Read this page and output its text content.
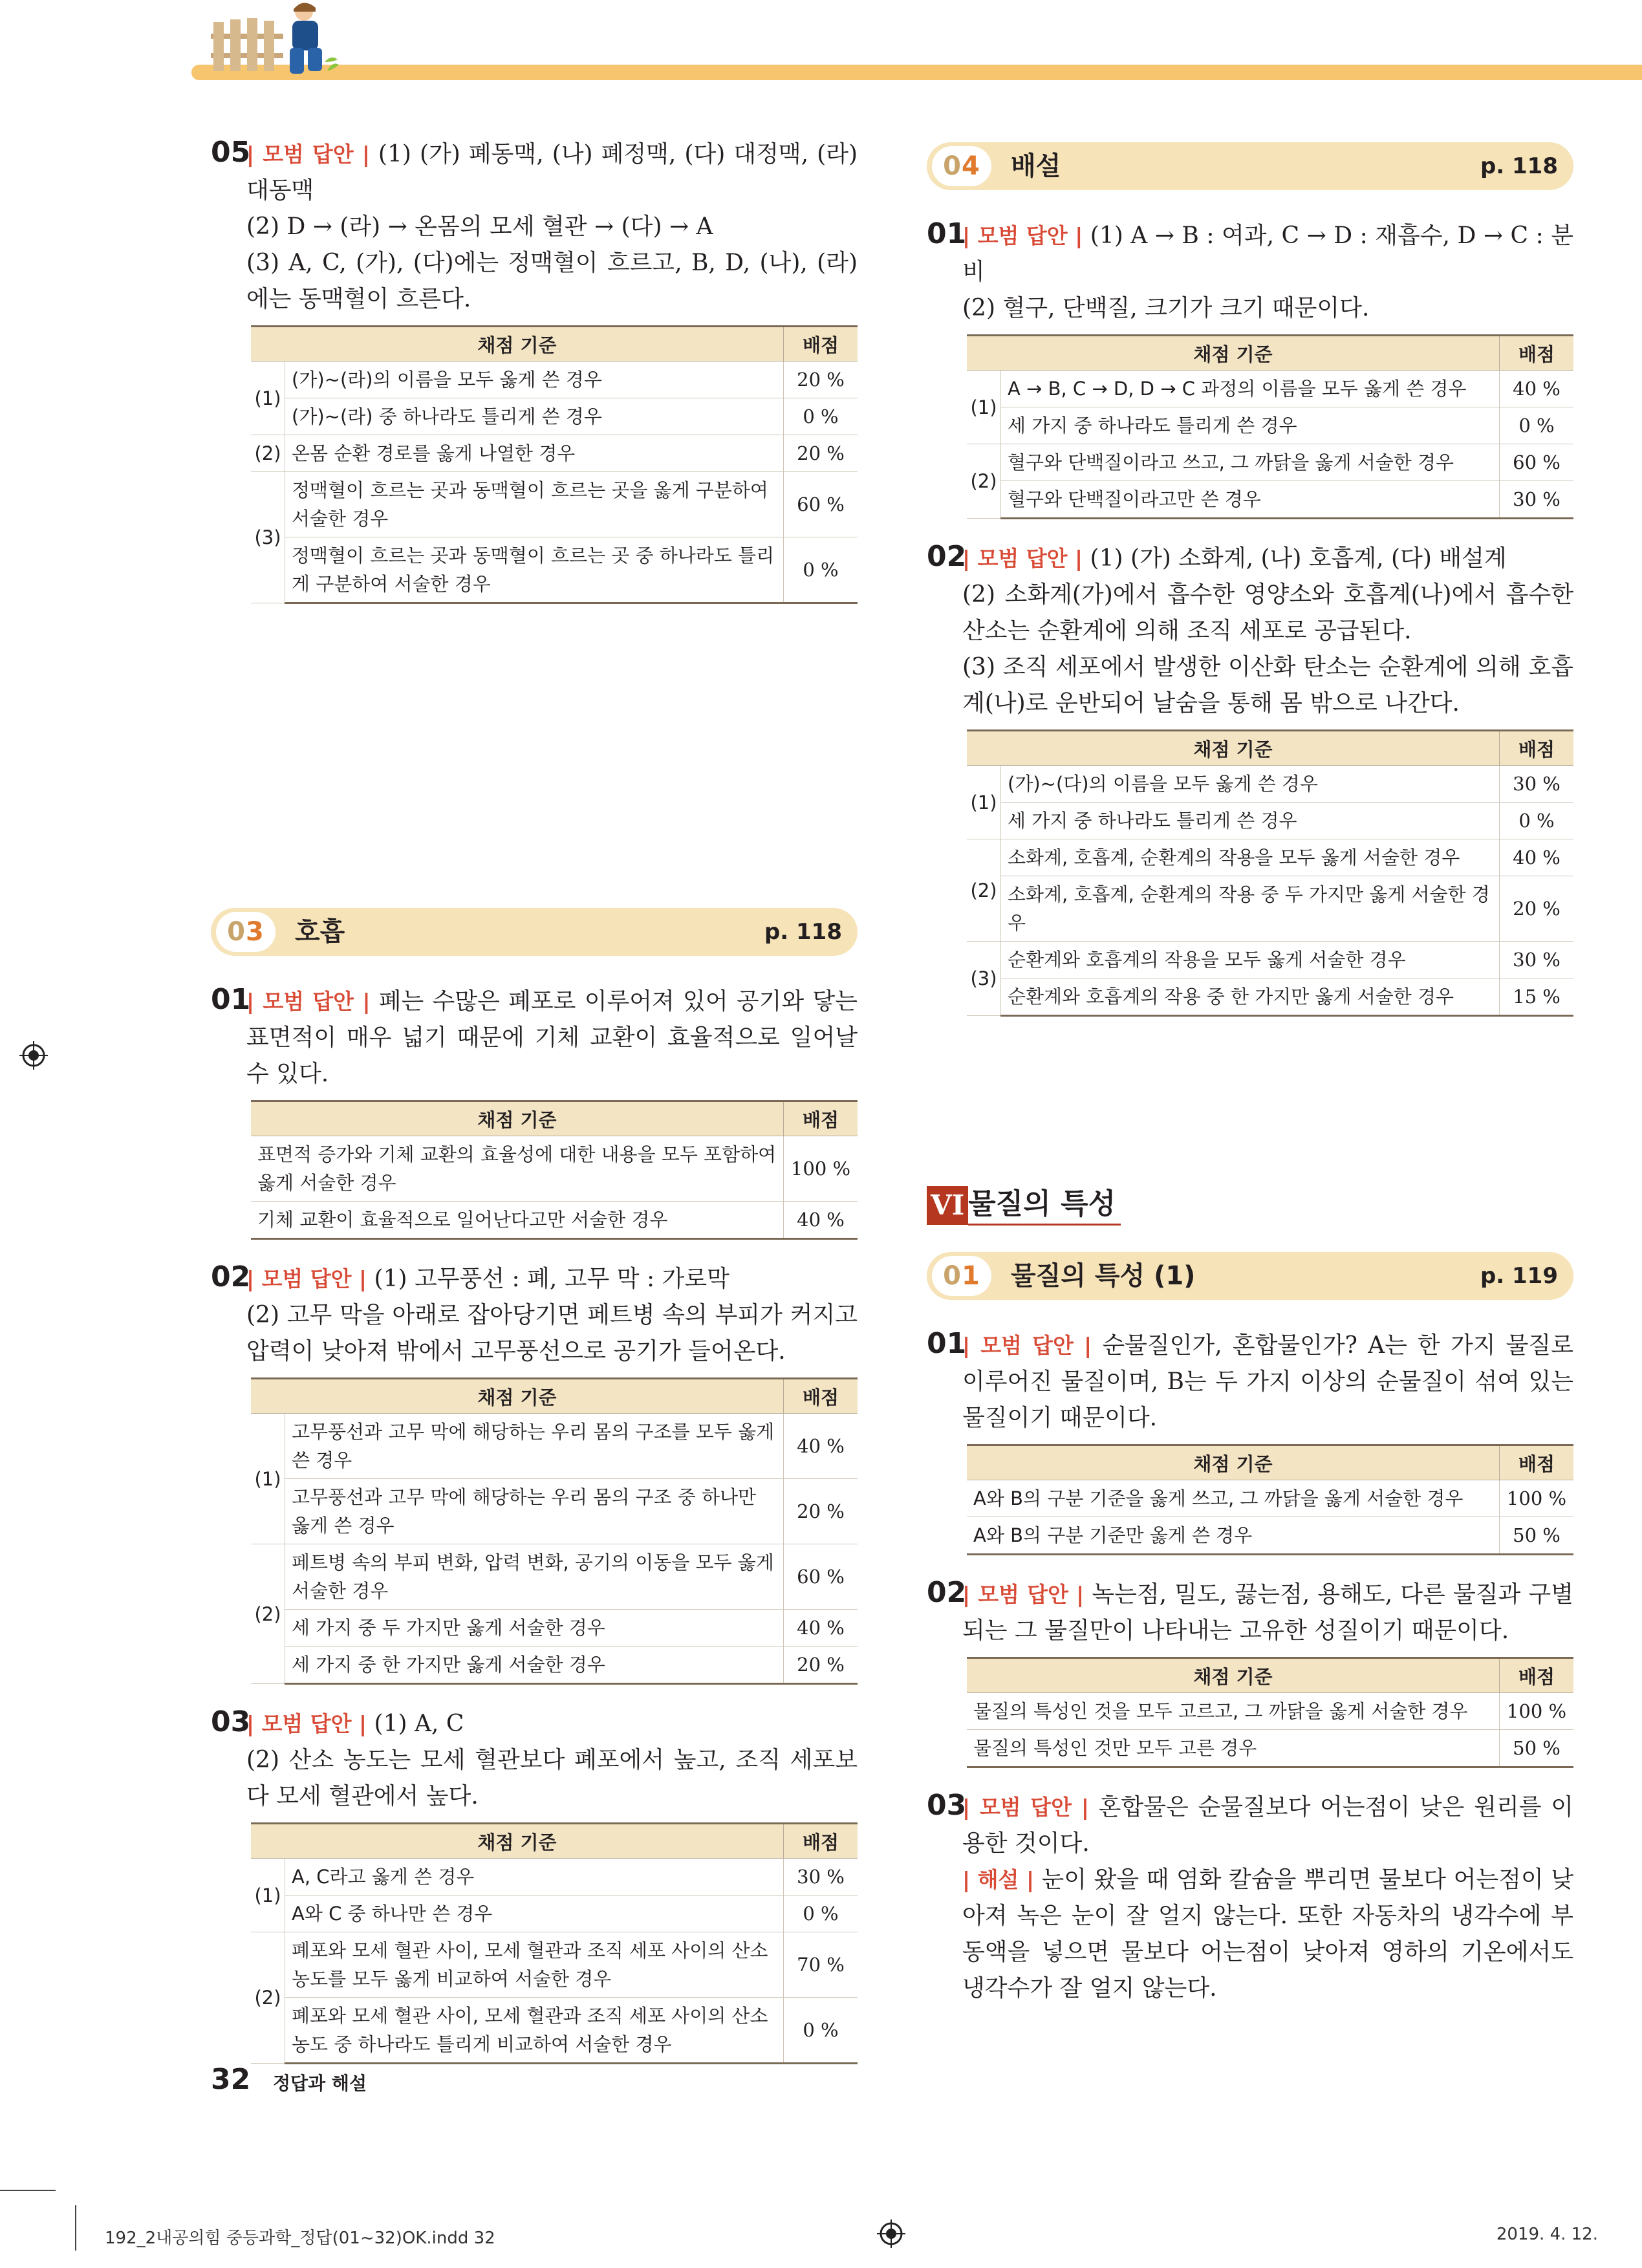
05| 모범 답안 | (1) (가) 폐동맥, (나) 폐정맥, (다) 대정맥, (라) 대동맥

(2) D → (라) → 온몸의 모세 혈관 → (다) → A

(3) A, C, (가), (다)에는 정맥혈이 흐르고, B, D, (나), (라)에는 동맥혈이 흐른다.

채점 기준		배점
(1)	(가)~(라)의 이름을 모두 옳게 쓴 경우	20 %
	(가)~(라) 중 하나라도 틀리게 쓴 경우	0 %
(2)	온몸 순환 경로를 옳게 나열한 경우	20 %
(3)	정맥혈이 흐르는 곳과 동맥혈이 흐르는 곳을 옳게 구분하여 서술한 경우	60 %
	정맥혈이 흐르는 곳과 동맥혈이 흐르는 곳 중 하나라도 틀리게 구분하여 서술한 경우	0 %
03	호흡	p. 118

01| 모범 답안 | 폐는 수많은 폐포로 이루어져 있어 공기와 닿는 표면적이 매우 넓기 때문에 기체 교환이 효율적으로 일어날 수 있다.

채점 기준	배점
표면적 증가와 기체 교환의 효율성에 대한 내용을 모두 포함하여 옳게 서술한 경우	100 %
기체 교환이 효율적으로 일어난다고만 서술한 경우	40 %

02| 모범 답안 | (1) 고무풍선 : 폐, 고무 막 : 가로막

(2) 고무 막을 아래로 잡아당기면 페트병 속의 부피가 커지고 압력이 낮아져 밖에서 고무풍선으로 공기가 들어온다.

채점 기준		배점
(1)	고무풍선과 고무 막에 해당하는 우리 몸의 구조를 모두 옳게 쓴 경우	40 %
	고무풍선과 고무 막에 해당하는 우리 몸의 구조 중 하나만 옳게 쓴 경우	20 %
(2)	페트병 속의 부피 변화, 압력 변화, 공기의 이동을 모두 옳게 서술한 경우	60 %
	세 가지 중 두 가지만 옳게 서술한 경우	40 %
	세 가지 중 한 가지만 옳게 서술한 경우	20 %

03| 모범 답안 | (1) A, C

(2) 산소 농도는 모세 혈관보다 폐포에서 높고, 조직 세포보다 모세 혈관에서 높다.

채점 기준		배점
(1)	A, C라고 옳게 쓴 경우	30 %
	A와 C 중 하나만 쓴 경우	0 %
(2)	폐포와 모세 혈관 사이, 모세 혈관과 조직 세포 사이의 산소 농도를 모두 옳게 비교하여 서술한 경우	70 %
	폐포와 모세 혈관 사이, 모세 혈관과 조직 세포 사이의 산소 농도 중 하나라도 틀리게 비교하여 서술한 경우	0 %
04	배설	p. 118

01| 모범 답안 | (1) A → B : 여과, C → D : 재흡수, D → C : 분비

(2) 혈구, 단백질, 크기가 크기 때문이다.

채점 기준		배점
(1)	A → B, C → D, D → C 과정의 이름을 모두 옳게 쓴 경우	40 %
	세 가지 중 하나라도 틀리게 쓴 경우	0 %
(2)	혈구와 단백질이라고 쓰고, 그 까닭을 옳게 서술한 경우	60 %
	혈구와 단백질이라고만 쓴 경우	30 %

02| 모범 답안 | (1) (가) 소화계, (나) 호흡계, (다) 배설계

(2) 소화계(가)에서 흡수한 영양소와 호흡계(나)에서 흡수한 산소는 순환계에 의해 조직 세포로 공급된다.

(3) 조직 세포에서 발생한 이산화 탄소는 순환계에 의해 호흡계(나)로 운반되어 날숨을 통해 몸 밖으로 나간다.

채점 기준		배점
(1)	(가)~(다)의 이름을 모두 옳게 쓴 경우	30 %
	세 가지 중 하나라도 틀리게 쓴 경우	0 %
(2)	소화계, 호흡계, 순환계의 작용을 모두 옳게 서술한 경우	40 %
	소화계, 호흡계, 순환계의 작용 중 두 가지만 옳게 서술한 경우	20 %
(3)	순환계와 호흡계의 작용을 모두 옳게 서술한 경우	30 %
	순환계와 호흡계의 작용 중 한 가지만 옳게 서술한 경우	15 %
VI 물질의 특성
01	물질의 특성 (1)	p. 119

01| 모범 답안 | 순물질인가, 혼합물인가? A는 한 가지 물질로 이루어진 물질이며, B는 두 가지 이상의 순물질이 섞여 있는 물질이기 때문이다.

채점 기준	배점
A와 B의 구분 기준을 옳게 쓰고, 그 까닭을 옳게 서술한 경우	100 %
A와 B의 구분 기준만 옳게 쓴 경우	50 %

02| 모범 답안 | 녹는점, 밀도, 끓는점, 용해도, 다른 물질과 구별되는 그 물질만이 나타내는 고유한 성질이기 때문이다.

채점 기준	배점
물질의 특성인 것을 모두 고르고, 그 까닭을 옳게 서술한 경우	100 %
물질의 특성인 것만 모두 고른 경우	50 %

03| 모범 답안 | 혼합물은 순물질보다 어는점이 낮은 원리를 이용한 것이다.

| 해설 | 눈이 왔을 때 염화 칼슘을 뿌리면 물보다 어는점이 낮아져 녹은 눈이 잘 얼지 않는다. 또한 자동차의 냉각수에 부동액을 넣으면 물보다 어는점이 낮아져 영하의 기온에서도 냉각수가 잘 얼지 않는다.

32 정답과 해설
192_2내공의힘 중등과학_정답(01~32)OK.indd 32	2019. 4. 12.
